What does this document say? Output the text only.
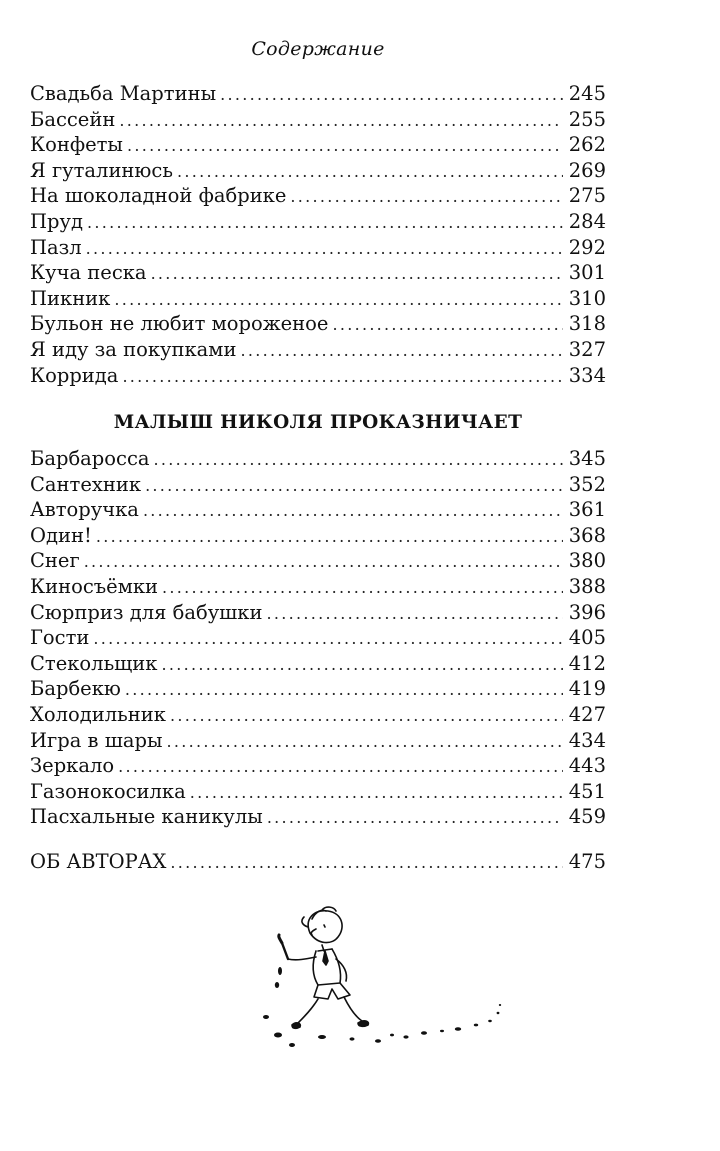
Содержание
Свадьба Мартины . . .	245
Бассейн . . .	255
Конфеты . . .	262
Я гуталинюсь . . .	269
На шоколадной фабрике . . .	275
Пруд . . .	284
Пазл . . .	292
Куча песка . . .	301
Пикник . . .	310
Бульон не любит мороженое . . .	318
Я иду за покупками . . .	327
Коррида . . .	334
МАЛЫШ НИКОЛЯ ПРОКАЗНИЧАЕТ
Барбаросса . . .	345
Сантехник . . .	352
Авторучка . . .	361
Один! . . .	368
Снег . . .	380
Киносъёмки . . .	388
Сюрприз для бабушки . . .	396
Гости . . .	405
Стекольщик . . .	412
Барбекю . . .	419
Холодильник . . .	427
Игра в шары . . .	434
Зеркало . . .	443
Газонокосилка . . .	451
Пасхальные каникулы . . .	459
ОБ АВТОРАХ . . .	475
